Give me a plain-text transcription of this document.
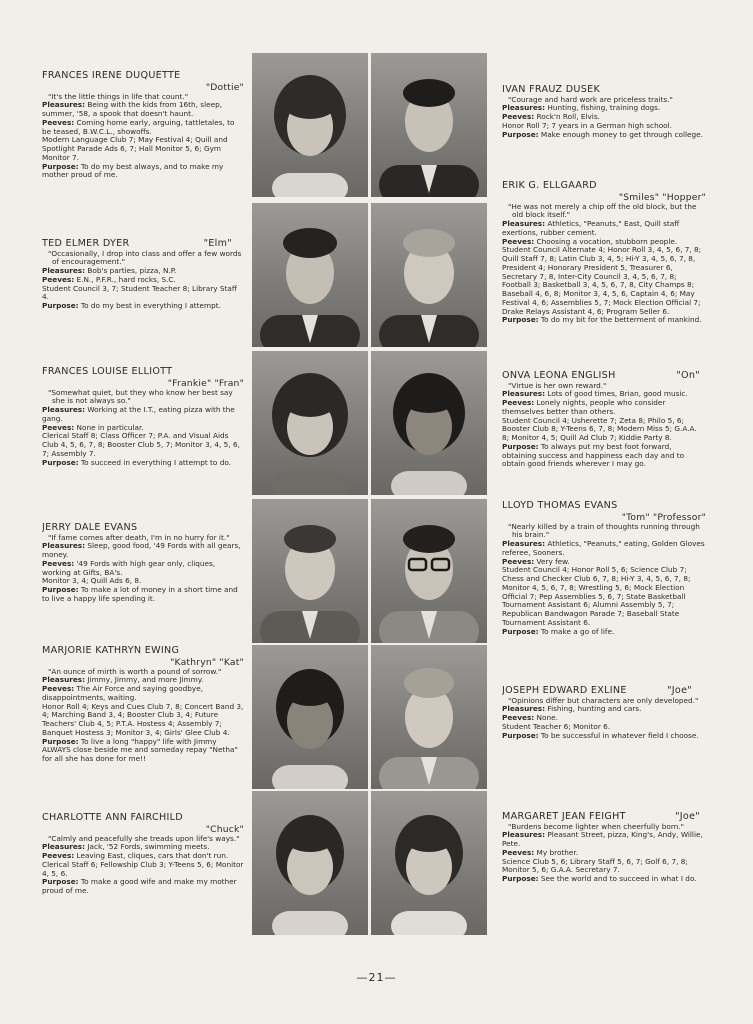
FRANCES IRENE DUQUETTE
"Dottie"
"It's the little things in life that count."
Pleasures: Being with the kids from 16th, sleep, summer, '58, a spook that doesn't haunt.
Peeves: Coming home early, arguing, tattletales, to be teased, B.W.C.L., showoffs.
Modern Language Club 7; May Festival 4; Quill and Spotlight Parade Ads 6, 7; Hall Monitor 5, 6; Gym Monitor 7.
Purpose: To do my best always, and to make my mother proud of me.
TED ELMER DYER	"Elm"
"Occasionally, I drop into class and offer a few words of encouragement."
Pleasures: Bob's parties, pizza, N.P.
Peeves: E.N., P.F.R., hard rocks, S.C.
Student Council 3, 7; Student Teacher 8; Library Staff 4.
Purpose: To do my best in everything I attempt.
FRANCES LOUISE ELLIOTT
"Frankie" "Fran"
"Somewhat quiet, but they who know her best say she is not always so."
Pleasures: Working at the I.T., eating pizza with the gang.
Peeves: None in particular.
Clerical Staff 8; Class Officer 7; P.A. and Visual Aids Club 4, 5, 6, 7, 8; Booster Club 5, 7; Monitor 3, 4, 5, 6, 7; Assembly 7.
Purpose: To succeed in everything I attempt to do.
JERRY DALE EVANS
"If fame comes after death, I'm in no hurry for it."
Pleasures: Sleep, good food, '49 Fords with all gears, money.
Peeves: '49 Fords with high gear only, cliques, working at Gifts, BA's.
Monitor 3, 4; Quill Ads 6, 8.
Purpose: To make a lot of money in a short time and to live a happy life spending it.
MARJORIE KATHRYN EWING
"Kathryn" "Kat"
"An ounce of mirth is worth a pound of sorrow."
Pleasures: Jimmy, Jimmy, and more Jimmy.
Peeves: The Air Force and saying goodbye, disappointments, waiting.
Honor Roll 4; Keys and Cues Club 7, 8; Concert Band 3, 4; Marching Band 3, 4; Booster Club 3, 4; Future Teachers' Club 4, 5; P.T.A. Hostess 4; Assembly 7; Banquet Hostess 3; Monitor 3, 4; Girls' Glee Club 4.
Purpose: To live a long "happy" life with Jimmy ALWAYS close beside me and someday repay "Netha" for all she has done for me!!
CHARLOTTE ANN FAIRCHILD
"Chuck"
"Calmly and peacefully she treads upon life's ways."
Pleasures: Jack, '52 Fords, swimming meets.
Peeves: Leaving East, cliques, cars that don't run.
Clerical Staff 6; Fellowship Club 3; Y-Teens 5, 6; Monitor 4, 5, 6.
Purpose: To make a good wife and make my mother proud of me.
IVAN FRAUZ DUSEK
"Courage and hard work are priceless traits."
Pleasures: Hunting, fishing, training dogs.
Peeves: Rock'n Roll, Elvis.
Honor Roll 7; 7 years in a German high school.
Purpose: Make enough money to get through college.
ERIK G. ELLGAARD
"Smiles" "Hopper"
"He was not merely a chip off the old block, but the old block itself."
Pleasures: Athletics, "Peanuts," East, Quill staff exertions, rubber cement.
Peeves: Choosing a vocation, stubborn people.
Student Council Alternate 4; Honor Roll 3, 4, 5, 6, 7, 8; Quill Staff 7, 8; Latin Club 3, 4, 5; Hi-Y 3, 4, 5, 6, 7, 8, President 4; Honorary President 5, Treasurer 6, Secretary 7, 8, Inter-City Council 3, 4, 5, 6, 7, 8; Football 3; Basketball 3, 4, 5, 6, 7, 8, City Champs 8; Baseball 4, 6, 8; Monitor 3, 4, 5, 6, Captain 4, 6; May Festival 4, 6; Assemblies 5, 7; Mock Election Official 7; Drake Relays Assistant 4, 6; Program Seller 6.
Purpose: To do my bit for the betterment of mankind.
ONVA LEONA ENGLISH	"On"
"Virtue is her own reward."
Pleasures: Lots of good times, Brian, good music.
Peeves: Lonely nights, people who consider themselves better than others.
Student Council 4; Usherette 7; Zeta 8; Philo 5, 6; Booster Club 8; Y-Teens 6, 7, 8; Modern Miss 5; G.A.A. 8; Monitor 4, 5; Quill Ad Club 7; Kiddie Party 8.
Purpose: To always put my best foot forward, obtaining success and happiness each day and to obtain good friends wherever I may go.
LLOYD THOMAS EVANS
"Tom" "Professor"
"Nearly killed by a train of thoughts running through his brain."
Pleasures: Athletics, "Peanuts," eating, Golden Gloves referee, Sooners.
Peeves: Very few.
Student Council 4; Honor Roll 5, 6; Science Club 7; Chess and Checker Club 6, 7, 8; Hi-Y 3, 4, 5, 6, 7, 8; Monitor 4, 5, 6, 7, 8; Wrestling 5, 6; Mock Election Official 7; Pep Assemblies 5, 6, 7; State Basketball Tournament Assistant 6; Alumni Assembly 5, 7; Republican Bandwagon Parade 7; Baseball State Tournament Assistant 6.
Purpose: To make a go of life.
JOSEPH EDWARD EXLINE	"Joe"
"Opinions differ but characters are only developed."
Pleasures: Fishing, hunting and cars.
Peeves: None.
Student Teacher 6; Monitor 6.
Purpose: To be successful in whatever field I choose.
MARGARET JEAN FEIGHT	"Joe"
"Burdens become lighter when cheerfully born."
Pleasures: Pleasant Street, pizza, King's, Andy, Willie, Pete.
Peeves: My brother.
Science Club 5, 6; Library Staff 5, 6, 7; Golf 6, 7, 8; Monitor 5, 6; G.A.A. Secretary 7.
Purpose: See the world and to succeed in what I do.
—21—
